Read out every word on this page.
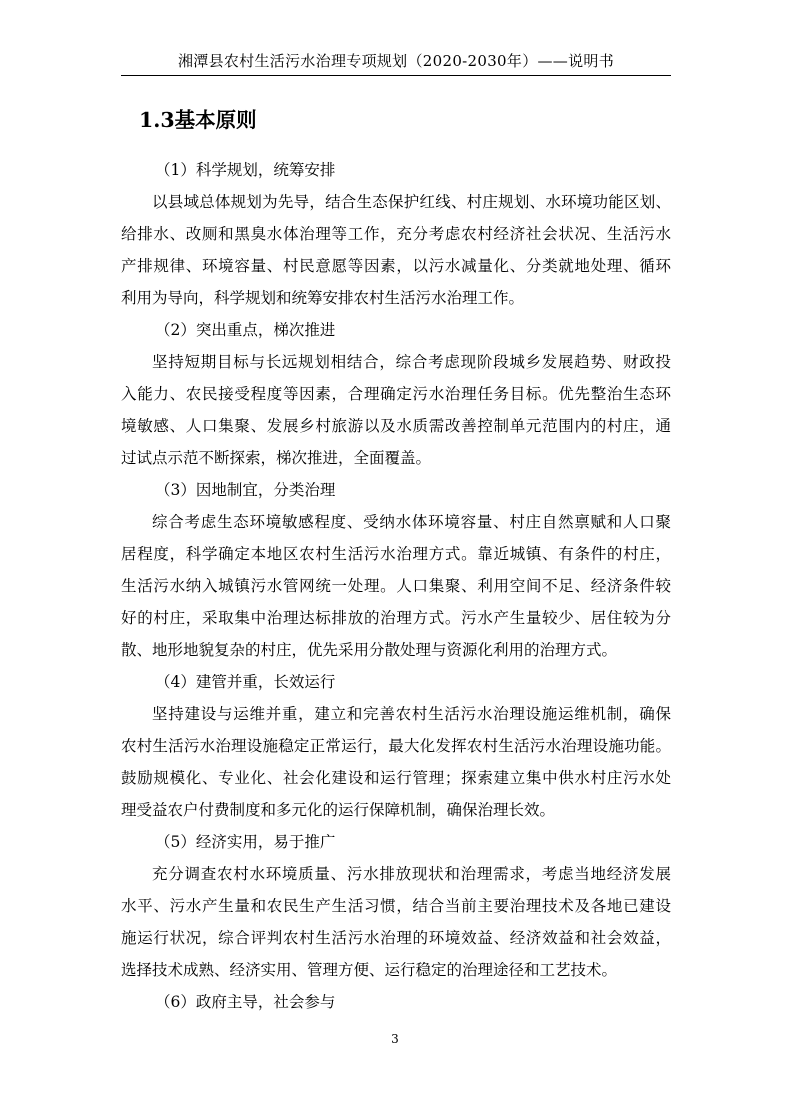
湘潭县农村生活污水治理专项规划（2020-2030年）——说明书
1.3基本原则
（1）科学规划，统筹安排
以县域总体规划为先导，结合生态保护红线、村庄规划、水环境功能区划、
给排水、改厕和黑臭水体治理等工作，充分考虑农村经济社会状况、生活污水
产排规律、环境容量、村民意愿等因素，以污水减量化、分类就地处理、循环
利用为导向，科学规划和统筹安排农村生活污水治理工作。
（2）突出重点，梯次推进
坚持短期目标与长远规划相结合，综合考虑现阶段城乡发展趋势、财政投
入能力、农民接受程度等因素，合理确定污水治理任务目标。优先整治生态环
境敏感、人口集聚、发展乡村旅游以及水质需改善控制单元范围内的村庄，通
过试点示范不断探索，梯次推进，全面覆盖。
（3）因地制宜，分类治理
综合考虑生态环境敏感程度、受纳水体环境容量、村庄自然禀赋和人口聚
居程度，科学确定本地区农村生活污水治理方式。靠近城镇、有条件的村庄，
生活污水纳入城镇污水管网统一处理。人口集聚、利用空间不足、经济条件较
好的村庄，采取集中治理达标排放的治理方式。污水产生量较少、居住较为分
散、地形地貌复杂的村庄，优先采用分散处理与资源化利用的治理方式。
（4）建管并重，长效运行
坚持建设与运维并重，建立和完善农村生活污水治理设施运维机制，确保
农村生活污水治理设施稳定正常运行，最大化发挥农村生活污水治理设施功能。
鼓励规模化、专业化、社会化建设和运行管理；探索建立集中供水村庄污水处
理受益农户付费制度和多元化的运行保障机制，确保治理长效。
（5）经济实用，易于推广
充分调查农村水环境质量、污水排放现状和治理需求，考虑当地经济发展
水平、污水产生量和农民生产生活习惯，结合当前主要治理技术及各地已建设
施运行状况，综合评判农村生活污水治理的环境效益、经济效益和社会效益，
选择技术成熟、经济实用、管理方便、运行稳定的治理途径和工艺技术。
（6）政府主导，社会参与
3
